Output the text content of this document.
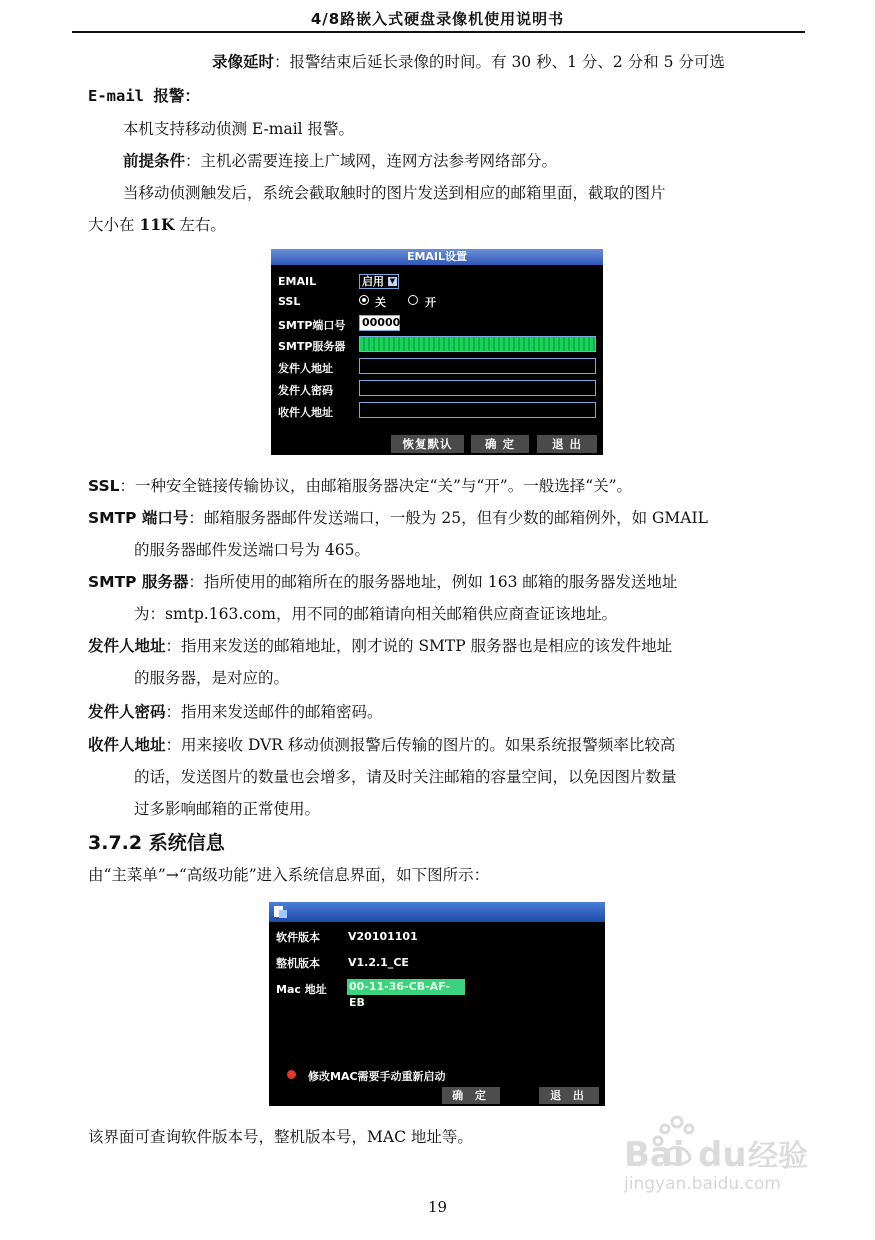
4/8路嵌入式硬盘录像机使用说明书
录像延时：报警结束后延长录像的时间。有 30 秒、1 分、2 分和 5 分可选
E-mail 报警：
本机支持移动侦测 E-mail 报警。
前提条件：主机必需要连接上广域网，连网方法参考网络部分。
当移动侦测触发后，系统会截取触时的图片发送到相应的邮箱里面，截取的图片
大小在 11K 左右。
EMAIL设置
EMAIL	启用 ▼
SSL	关	开
SMTP端口号 00000
SMTP服务器
发件人地址
发件人密码
收件人地址
恢复默认	确 定	退 出
SSL：一种安全链接传输协议，由邮箱服务器决定“关”与“开”。一般选择“关”。
SMTP 端口号：邮箱服务器邮件发送端口，一般为 25，但有少数的邮箱例外，如 GMAIL
的服务器邮件发送端口号为 465。
SMTP 服务器：指所使用的邮箱所在的服务器地址，例如 163 邮箱的服务器发送地址
为：smtp.163.com，用不同的邮箱请向相关邮箱供应商查证该地址。
发件人地址：指用来发送的邮箱地址，刚才说的 SMTP 服务器也是相应的该发件地址
的服务器，是对应的。
发件人密码：指用来发送邮件的邮箱密码。
收件人地址：用来接收 DVR 移动侦测报警后传输的图片的。如果系统报警频率比较高
的话，发送图片的数量也会增多，请及时关注邮箱的容量空间，以免因图片数量
过多影响邮箱的正常使用。
3.7.2 系统信息
由“主菜单”→“高级功能”进入系统信息界面，如下图所示：
软件版本	V20101101
整机版本	V1.2.1_CE
Mac 地址 00-11-36-CB-AF-EB
修改MAC需要手动重新启动
确 定	退 出
该界面可查询软件版本号，整机版本号，MAC 地址等。
19
Bai du 经验
jingyan.baidu.com
